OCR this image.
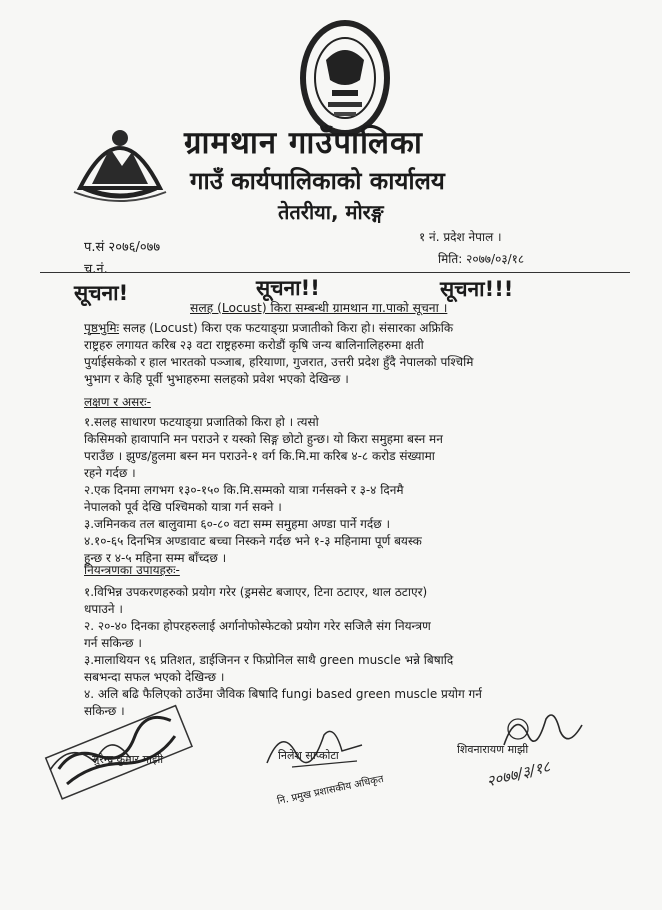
ग्रामथान गाउँपालिका
गाउँ कार्यपालिकाको कार्यालय
तेतरीया, मोरङ्ग
१ नं. प्रदेश नेपाल ।
प.सं २०७६/०७७
मिति: २०७७/०३/१८
च.नं.
सूचना!	सूचना!!	सूचना!!!
सलह (Locust) किरा सम्बन्धी ग्रामथान गा.पाको सूचना ।
पृष्ठभुमिः सलह (Locust) किरा एक फटयाङ्ग्रा प्रजातीको किरा हो। संसारका अफ्रिकि
राष्ट्रहरु लगायत करिब २३ वटा राष्ट्रहरुमा करोडौं कृषि जन्य बालिनालिहरुमा क्षती
पुर्याईसकेको र हाल भारतको पञ्जाब, हरियाणा, गुजरात, उत्तरी प्रदेश हुँदै नेपालको पश्चिमि
भुभाग र केहि पूर्वी भुभाहरुमा सलहको प्रवेश भएको देखिन्छ ।
लक्षण र असरः-
१.सलह साधारण फटयाङ्ग्रा प्रजातिको किरा हो । त्यसो
किसिमको हावापानि मन पराउने र यस्को सिङ्ग छोटो हुन्छ। यो किरा समुहमा बस्न मन
पराउँछ । झुण्ड/हुलमा बस्न मन पराउने-१ वर्ग कि.मि.मा करिब ४-८ करोड संख्यामा
रहने गर्दछ ।
२.एक दिनमा लगभग १३०-१५० कि.मि.सम्मको यात्रा गर्नसक्ने र ३-४ दिनमै
नेपालको पूर्व देखि पश्चिमको यात्रा गर्न सक्ने ।
३.जमिनकव तल बालुवामा ६०-८० वटा सम्म समुहमा अण्डा पार्ने गर्दछ ।
४.१०-६५ दिनभित्र अण्डावाट बच्चा निस्कने गर्दछ भने १-३ महिनामा पूर्ण बयस्क
हुन्छ र ४-५ महिना सम्म बाँच्दछ ।
नियन्त्रणका उपायहरुः-
१.विभिन्न उपकरणहरुको प्रयोग गरेर (ड्रमसेट बजाएर, टिना ठटाएर, थाल ठटाएर)
धपाउने ।
२. २०-४० दिनका होपरहरुलाई अर्गानोफोस्फेटको प्रयोग गरेर सजिलै संग नियन्त्रण
गर्न सकिन्छ ।
३.मालाथियन ९६ प्रतिशत, डाईजिनन र फिप्रोनिल साथै green muscle भन्ने बिषादि
सबभन्दा सफल भएको देखिन्छ ।
४. अलि बढि फैलिएको ठाउँमा जैविक बिषादि fungi based green muscle प्रयोग गर्न
सकिन्छ ।
सुरेन्द्र कुमार माझी	निलेश साप्कोटा
नि. प्रमुख प्रशासकीय अधिकृत
शिवनारायण माझी
२०७७/३/१८
